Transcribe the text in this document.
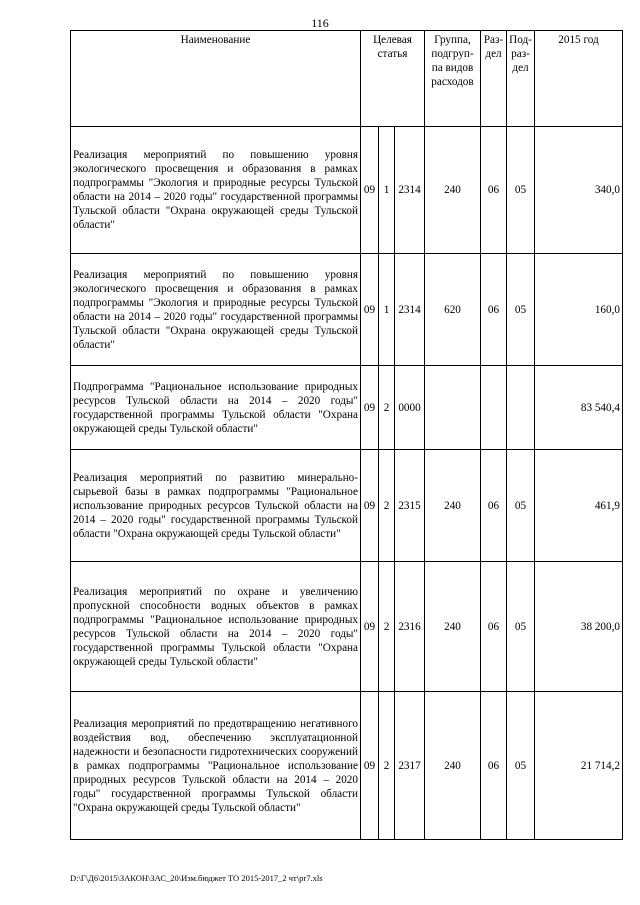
116
Наименование	Целевая статья			Группа, подгруп-па видов расходов	Раз-дел	Под-раз-дел	2015 год
Реализация мероприятий по повышению уровня экологического просвещения и образования в рамках подпрограммы "Экология и природные ресурсы Тульской области на 2014 – 2020 годы" государственной программы Тульской области "Охрана окружающей среды Тульской области"	09	1	2314	240	06	05	340,0
Реализация мероприятий по повышению уровня экологического просвещения и образования в рамках подпрограммы "Экология и природные ресурсы Тульской области на 2014 – 2020 годы" государственной программы Тульской области "Охрана окружающей среды Тульской области"	09	1	2314	620	06	05	160,0
Подпрограмма "Рациональное использование природных ресурсов Тульской области на 2014 – 2020 годы" государственной программы Тульской области "Охрана окружающей среды Тульской области"	09	2	0000				83 540,4
Реализация мероприятий по развитию минерально-сырьевой базы в рамках подпрограммы "Рациональное использование природных ресурсов Тульской области на 2014 – 2020 годы" государственной программы Тульской области "Охрана окружающей среды Тульской области"	09	2	2315	240	06	05	461,9
Реализация мероприятий по охране и увеличению пропускной способности водных объектов в рамках подпрограммы "Рациональное использование природных ресурсов Тульской области на 2014 – 2020 годы" государственной программы Тульской области "Охрана окружающей среды Тульской области"	09	2	2316	240	06	05	38 200,0
Реализация мероприятий по предотвращению негативного воздействия вод, обеспечению эксплуатационной надежности и безопасности гидротехнических сооружений в рамках подпрограммы "Рациональное использование природных ресурсов Тульской области на 2014 – 2020 годы" государственной программы Тульской области "Охрана окружающей среды Тульской области"	09	2	2317	240	06	05	21 714,2
D:\Г\Д6\2015\ЗАКОН\ЗАС_20\Изм.бюджет ТО 2015-2017_2 чт\pr7.xls
